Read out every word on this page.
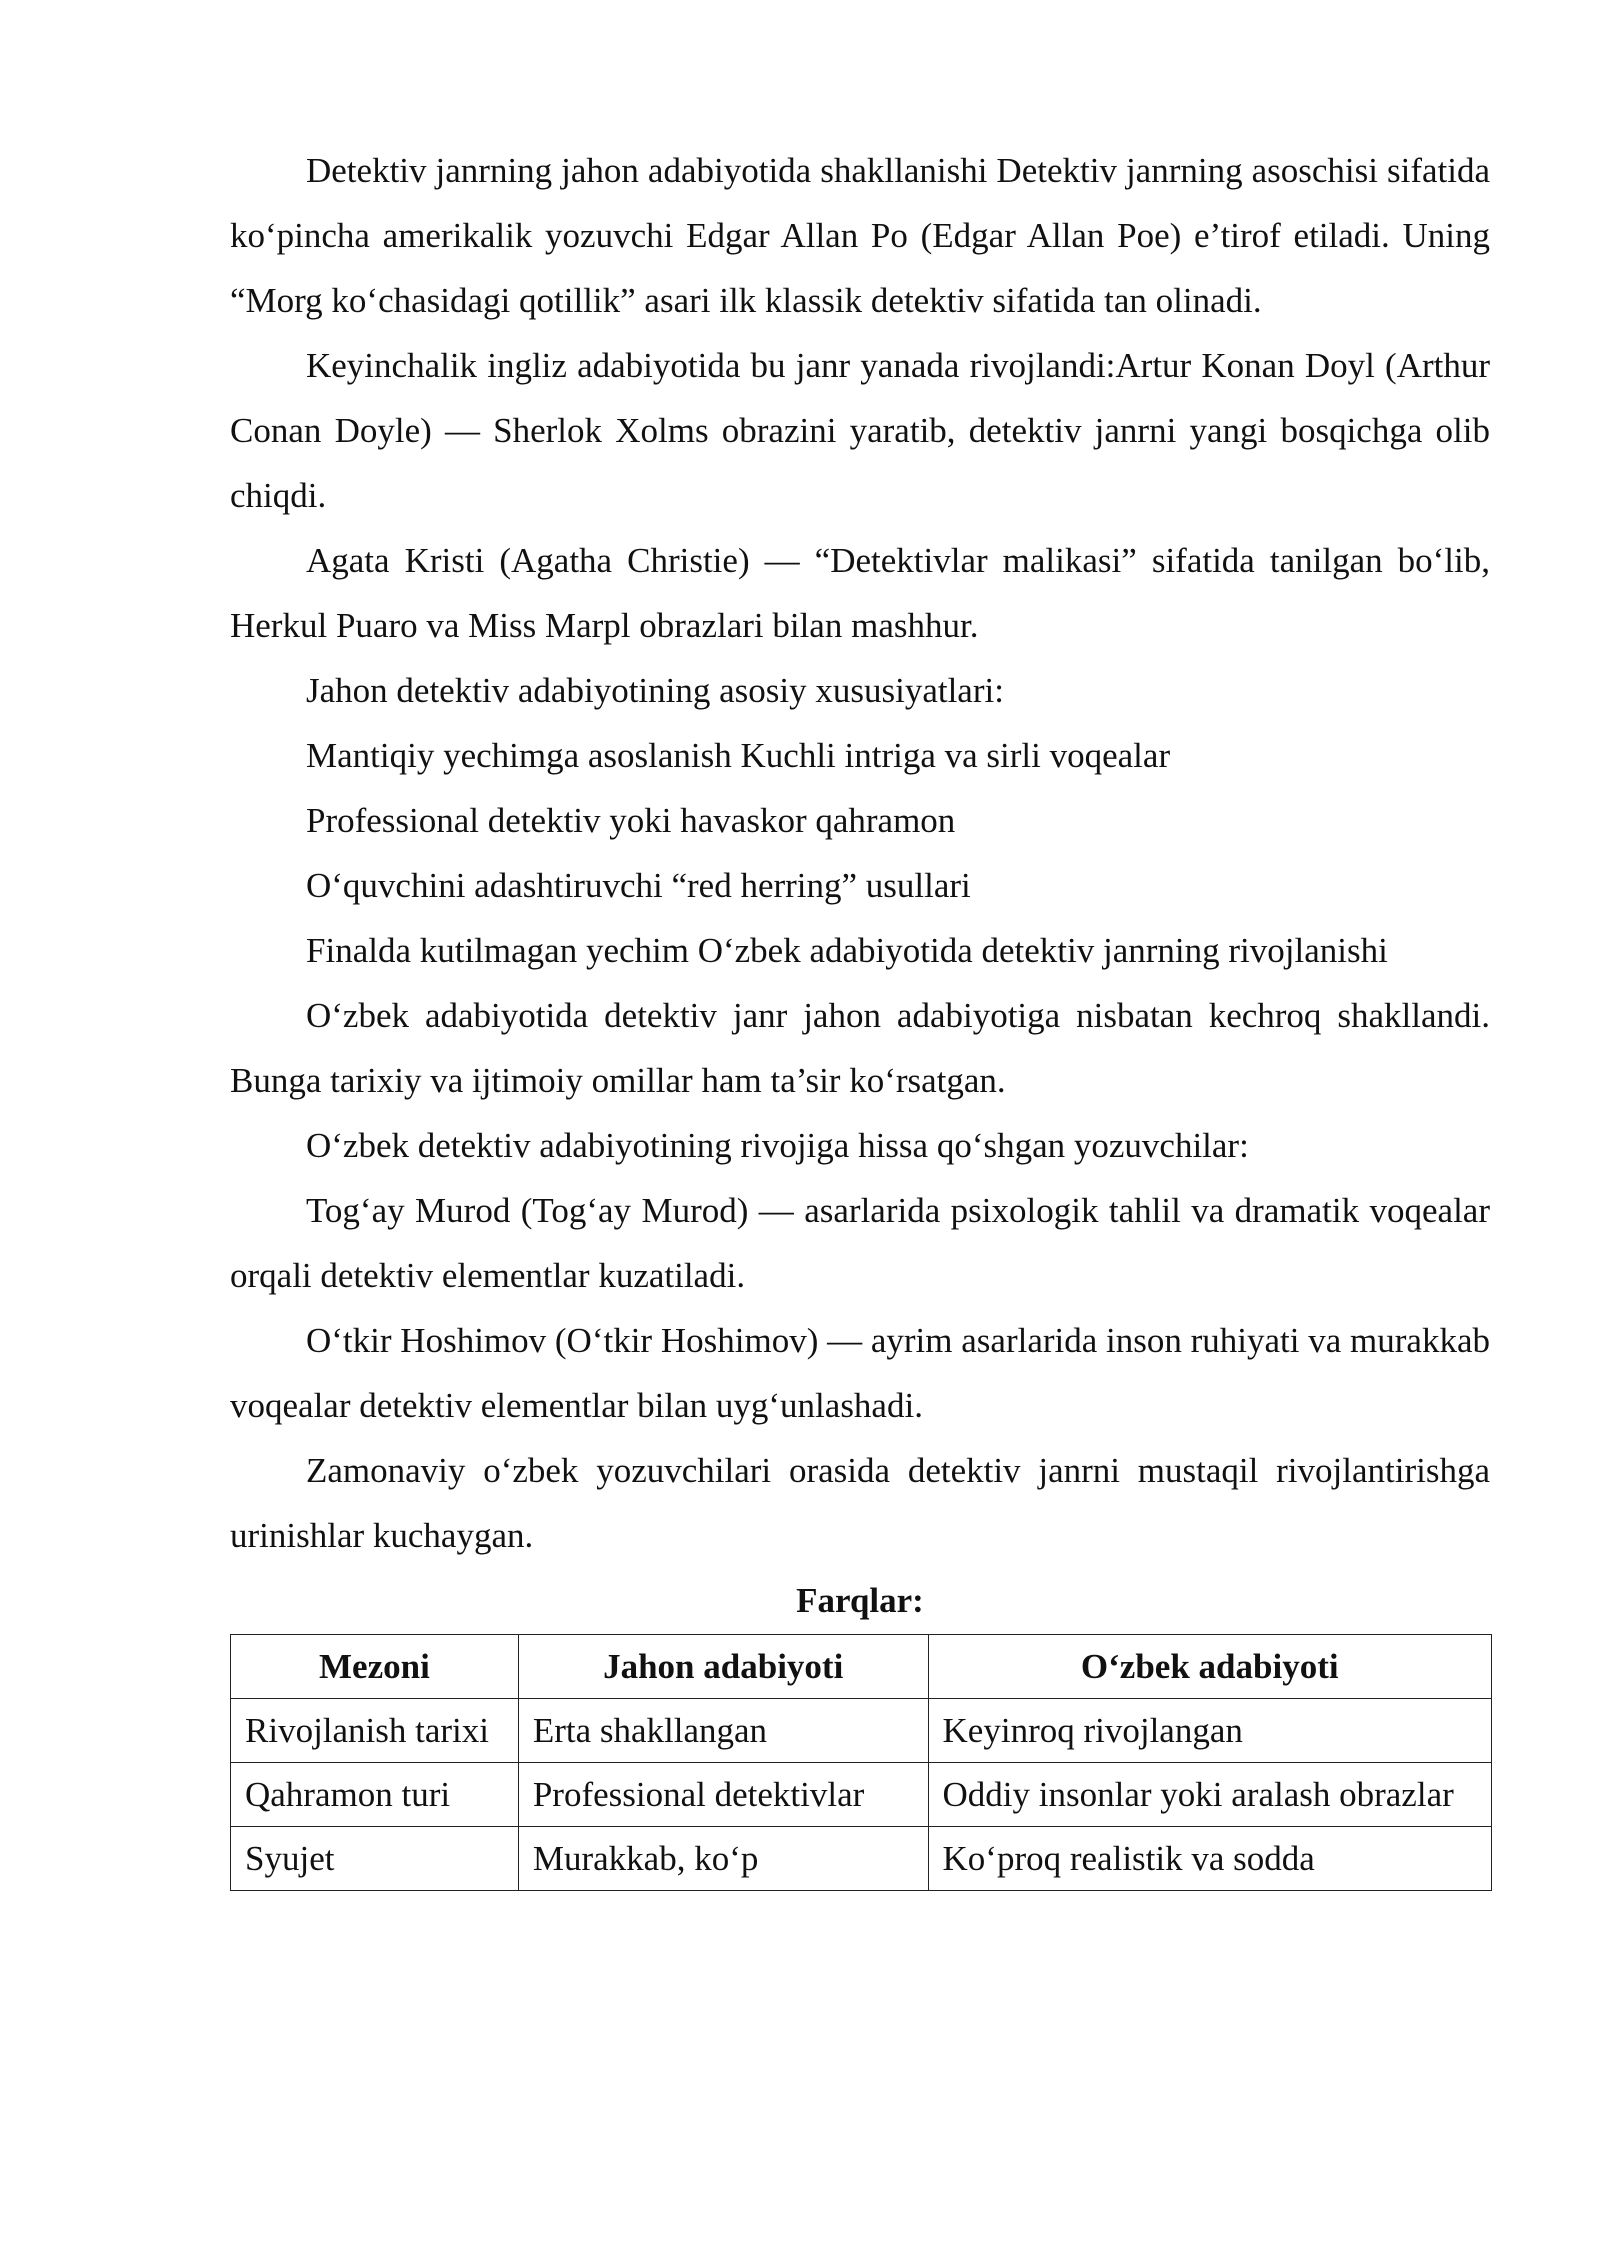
Detektiv janrning jahon adabiyotida shakllanishi Detektiv janrning asoschisi sifatida koʻpincha amerikalik yozuvchi Edgar Allan Po (Edgar Allan Poe) e’tirof etiladi. Uning “Morg koʻchasidagi qotillik” asari ilk klassik detektiv sifatida tan olinadi.

Keyinchalik ingliz adabiyotida bu janr yanada rivojlandi:Artur Konan Doyl (Arthur Conan Doyle) — Sherlok Xolms obrazini yaratib, detektiv janrni yangi bosqichga olib chiqdi.

Agata Kristi (Agatha Christie) — “Detektivlar malikasi” sifatida tanilgan boʻlib, Herkul Puaro va Miss Marpl obrazlari bilan mashhur.

Jahon detektiv adabiyotining asosiy xususiyatlari:

Mantiqiy yechimga asoslanish Kuchli intriga va sirli voqealar

Professional detektiv yoki havaskor qahramon

Oʻquvchini adashtiruvchi “red herring” usullari

Finalda kutilmagan yechim Oʻzbek adabiyotida detektiv janrning rivojlanishi

Oʻzbek adabiyotida detektiv janr jahon adabiyotiga nisbatan kechroq shakllandi. Bunga tarixiy va ijtimoiy omillar ham ta’sir koʻrsatgan.

Oʻzbek detektiv adabiyotining rivojiga hissa qoʻshgan yozuvchilar:

Togʻay Murod (Togʻay Murod) — asarlarida psixologik tahlil va dramatik voqealar orqali detektiv elementlar kuzatiladi.

Oʻtkir Hoshimov (Oʻtkir Hoshimov) — ayrim asarlarida inson ruhiyati va murakkab voqealar detektiv elementlar bilan uygʻunlashadi.

Zamonaviy oʻzbek yozuvchilari orasida detektiv janrni mustaqil rivojlantirishga urinishlar kuchaygan.

Farqlar:

Mezoni	Jahon adabiyoti	Oʻzbek adabiyoti
Rivojlanish tarixi	Erta shakllangan	Keyinroq rivojlangan
Qahramon turi	Professional detektivlar	Oddiy insonlar yoki aralash obrazlar
Syujet	Murakkab, koʻp	Koʻproq realistik va sodda
